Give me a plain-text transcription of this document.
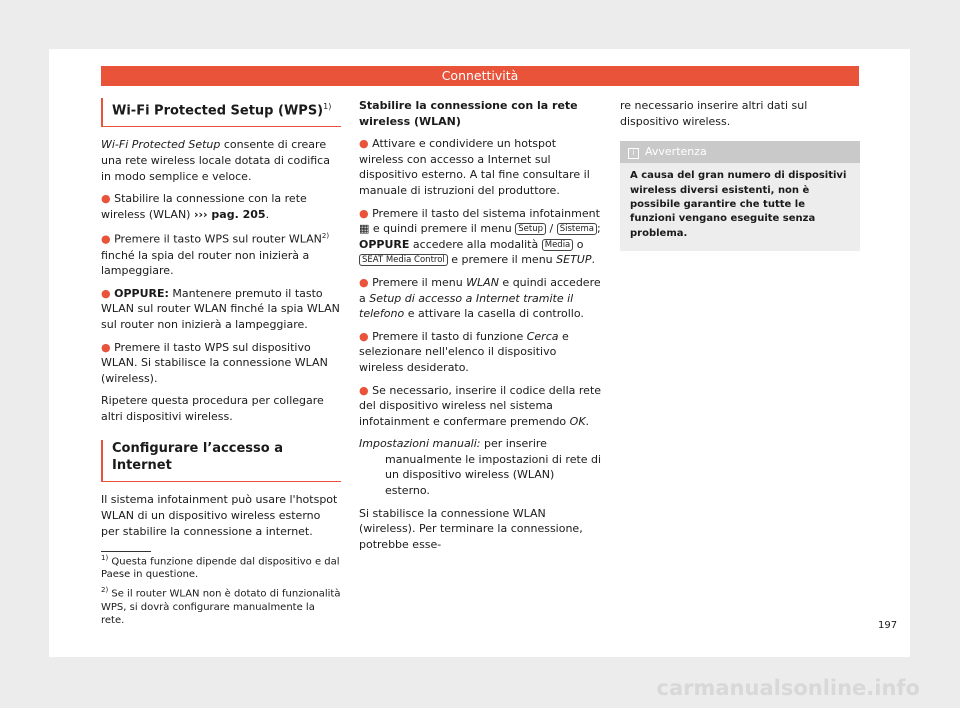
Connettività
Wi-Fi Protected Setup (WPS)$^{1)}$

Wi-Fi Protected Setup consente di creare una rete wireless locale dotata di codifica in modo semplice e veloce.

● Stabilire la connessione con la rete wireless (WLAN) ››› pag. 205.

● Premere il tasto WPS sul router WLAN$^{2)}$ finché la spia del router non inizierà a lampeggiare.

● OPPURE: Mantenere premuto il tasto WLAN sul router WLAN finché la spia WLAN sul router non inizierà a lampeggiare.

● Premere il tasto WPS sul dispositivo WLAN. Si stabilisce la connessione WLAN (wireless).

Ripetere questa procedura per collegare altri dispositivi wireless.

Configurare l’accesso a Internet

Il sistema infotainment può usare l'hotspot WLAN di un dispositivo wireless esterno per stabilire la connessione a internet.

$^{1)}$ Questa funzione dipende dal dispositivo e dal Paese in questione.

$^{2)}$ Se il router WLAN non è dotato di funzionalità WPS, si dovrà configurare manualmente la rete.

Stabilire la connessione con la rete wireless (WLAN)

● Attivare e condividere un hotspot wireless con accesso a Internet sul dispositivo esterno. A tal fine consultare il manuale di istruzioni del produttore.

● Premere il tasto del sistema infotainment ▦ e quindi premere il menu Setup / Sistema ; OPPURE accedere alla modalità Media o SEAT Media Control e premere il menu SETUP.

● Premere il menu WLAN e quindi accedere a Setup di accesso a Internet tramite il telefono e attivare la casella di controllo.

● Premere il tasto di funzione Cerca e selezionare nell'elenco il dispositivo wireless desiderato.

● Se necessario, inserire il codice della rete del dispositivo wireless nel sistema infotainment e confermare premendo OK.

Impostazioni manuali: per inserire manualmente le impostazioni di rete di un dispositivo wireless (WLAN) esterno.

Si stabilisce la connessione WLAN (wireless). Per terminare la connessione, potrebbe esse-

re necessario inserire altri dati sul dispositivo wireless.

i Avvertenza
A causa del gran numero di dispositivi wireless diversi esistenti, non è possibile garantire che tutte le funzioni vengano eseguite senza problema.
197
carmanualsonline.info
